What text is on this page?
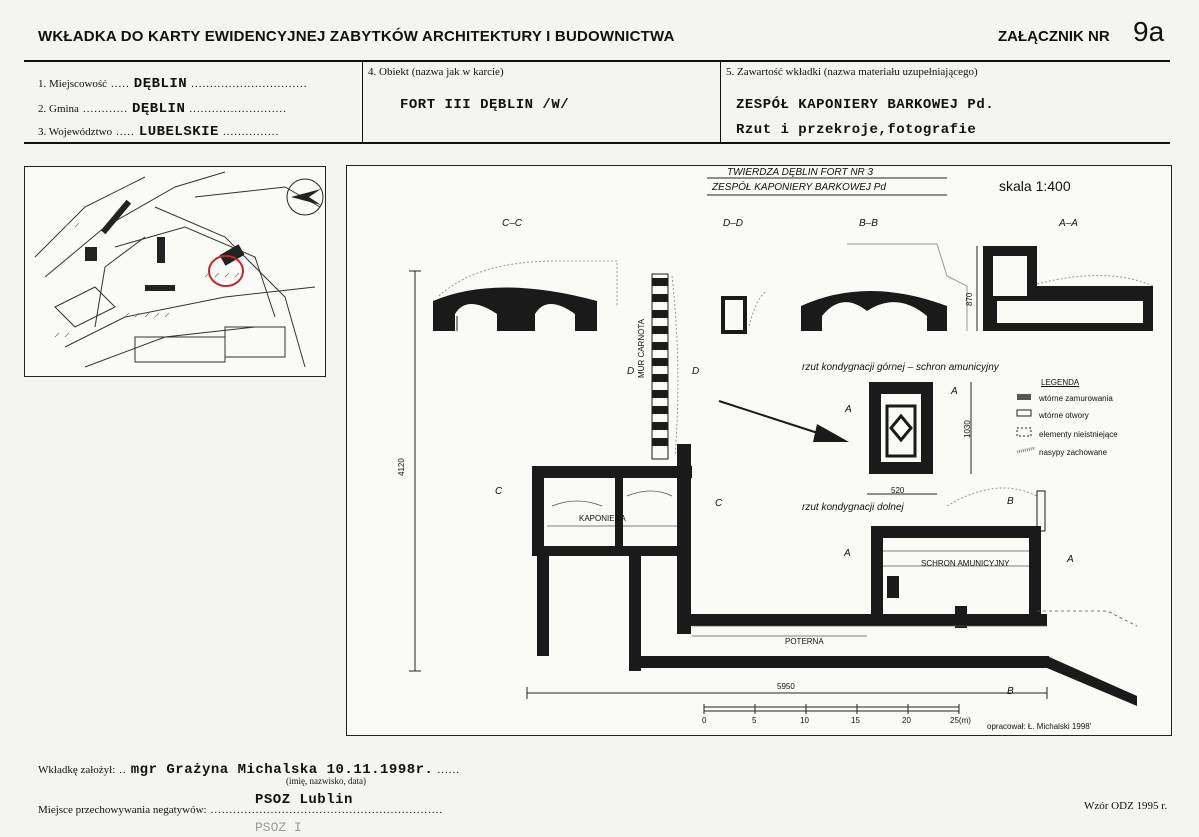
WKŁADKA DO KARTY EWIDENCYJNEJ ZABYTKÓW ARCHITEKTURY I BUDOWNICTWA	ZAŁĄCZNIK NR 9a
1. Miejscowość ..... DĘBLIN ...............................
2. Gmina ............ DĘBLIN ..........................
3. Województwo ..... LUBELSKIE ...............
4. Obiekt (nazwa jak w karcie)
FORT III DĘBLIN /W/
5. Zawartość wkładki (nazwa materiału uzupełniającego)
ZESPÓŁ KAPONIERY BARKOWEJ Pd.
Rzut i przekroje,fotografie
TWIERDZA DĘBLIN FORT NR 3
ZESPÓŁ KAPONIERY BARKOWEJ Pd	skala 1:400
C–C	D–D	B–B	A–A
rzut kondygnacji górnej – schron amunicyjny
rzut kondygnacji dolnej
LEGENDA
wtórne zamurowania
wtórne otwory
elementy nieistniejące
nasypy zachowane
KAPONIERA
SCHRON AMUNICYJNY
POTERNA
MUR CARNOTA
4120
5950
520
1030
870
A
A
A
A
B
B
C
C
D	D
0	5	10	15	20	25(m)
opracował: Ł. Michalski 1998'
Wkładkę założył: .. mgr Grażyna Michalska 10.11.1998r. ......
(imię, nazwisko, data)
Miejsce przechowywania negatywów: ..............................................................
PSOZ Lublin
PSOZ I
Wzór ODZ 1995 r.
